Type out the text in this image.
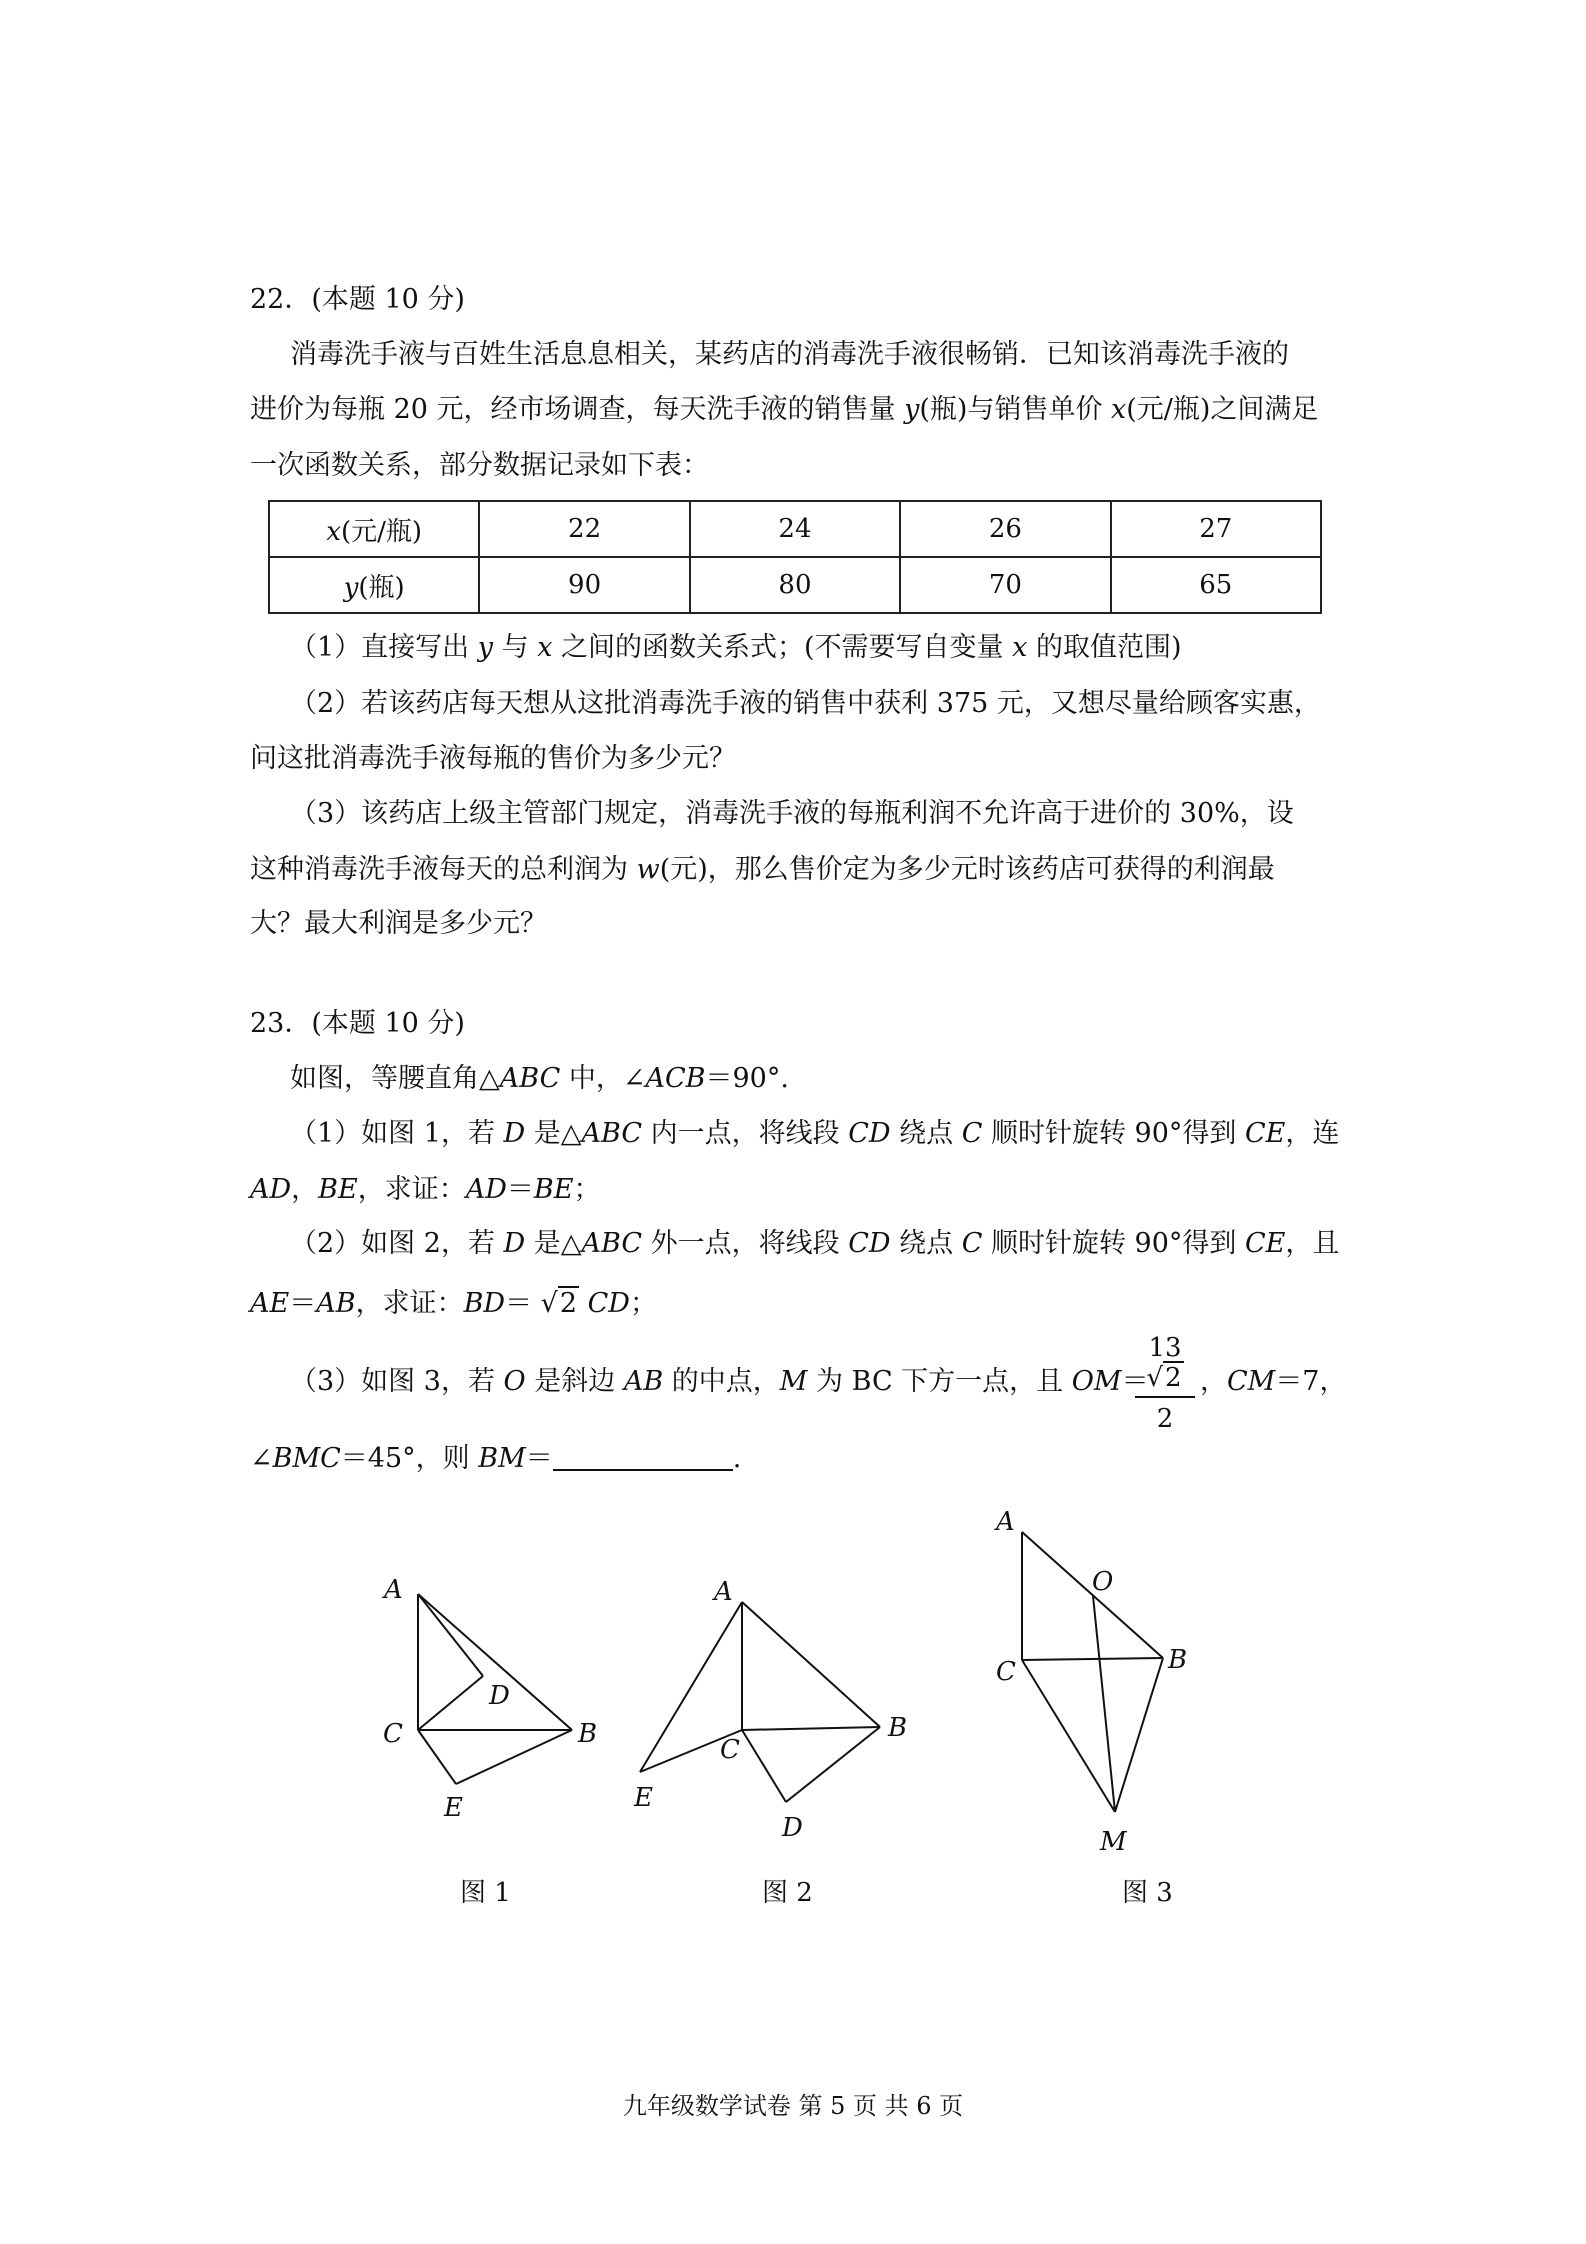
22．(本题 10 分)
消毒洗手液与百姓生活息息相关，某药店的消毒洗手液很畅销．已知该消毒洗手液的
进价为每瓶 20 元，经市场调查，每天洗手液的销售量 y(瓶)与销售单价 x(元/瓶)之间满足
一次函数关系，部分数据记录如下表：
x(元/瓶)	22	24	26	27
y(瓶)	90	80	70	65
（1）直接写出 y 与 x 之间的函数关系式；(不需要写自变量 x 的取值范围)
（2）若该药店每天想从这批消毒洗手液的销售中获利 375 元，又想尽量给顾客实惠，
问这批消毒洗手液每瓶的售价为多少元？
（3）该药店上级主管部门规定，消毒洗手液的每瓶利润不允许高于进价的 30%，设
这种消毒洗手液每天的总利润为 w(元)，那么售价定为多少元时该药店可获得的利润最
大？最大利润是多少元？
23．(本题 10 分)
如图，等腰直角△ABC 中，∠ACB＝90°.
（1）如图 1，若 D 是△ABC 内一点，将线段 CD 绕点 C 顺时针旋转 90°得到 CE，连
AD，BE，求证：AD＝BE；
（2）如图 2，若 D 是△ABC 外一点，将线段 CD 绕点 C 顺时针旋转 90°得到 CE，且
AE＝AB，求证：BD＝ √2 CD；
（3）如图 3，若 O 是斜边 AB 的中点，M 为 BC 下方一点，且 OM＝
$\frac{13√2}{2}$ ，CM＝7，
∠BMC＝45°，则 BM＝	.
A
D
C	B
E
A
B
C
E
D
A
O
C	B
M
图 1	图 2	图 3
九年级数学试卷 第 5 页 共 6 页
